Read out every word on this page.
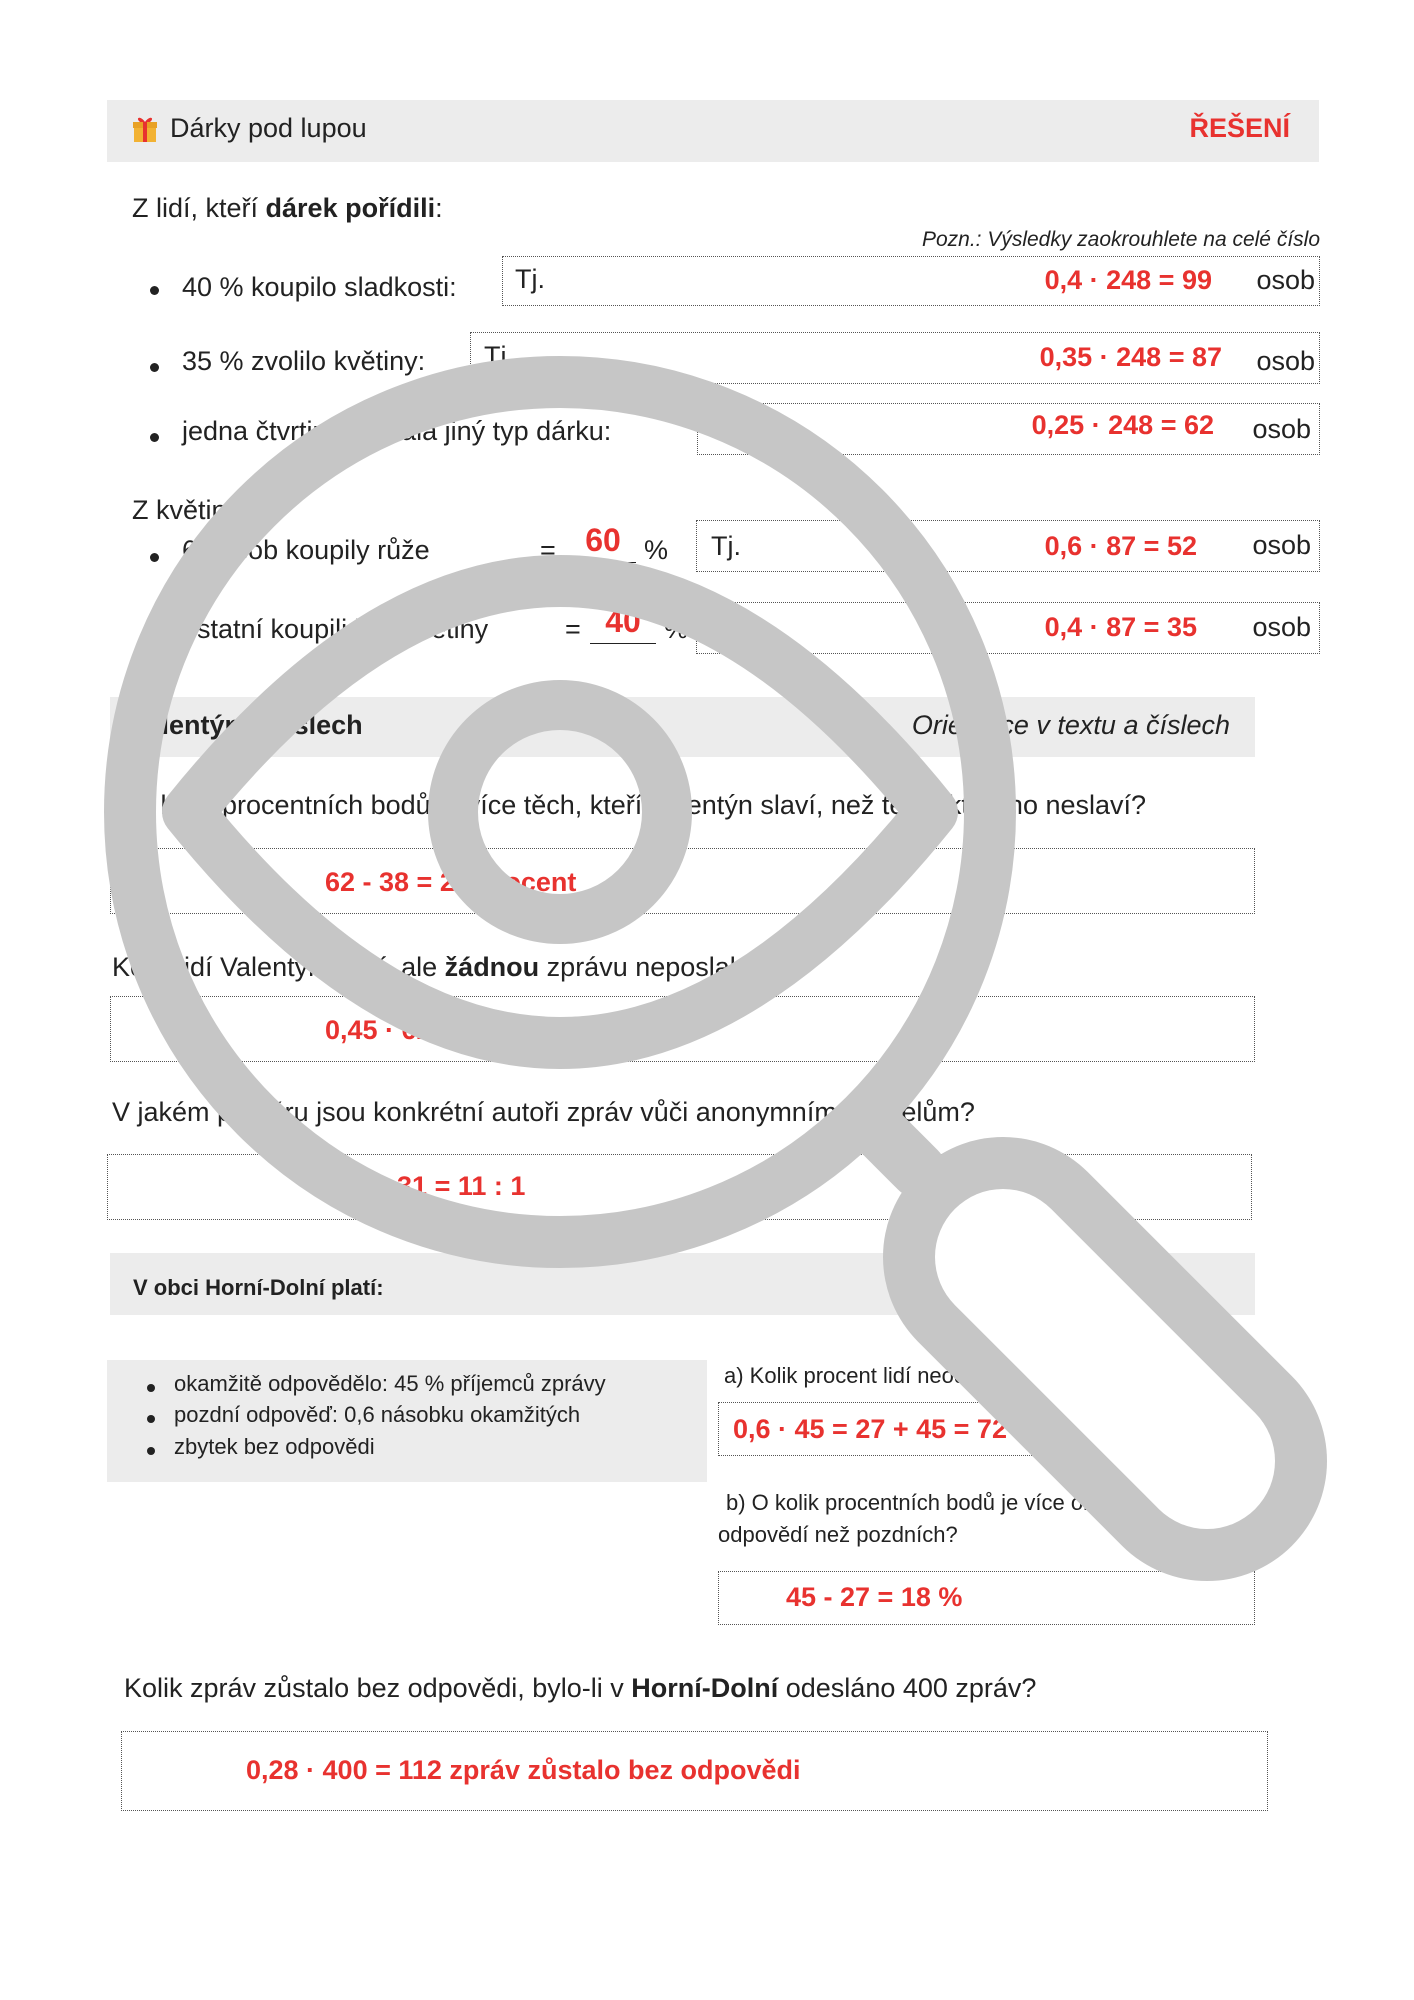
Dárky pod lupou	ŘEŠENÍ
Z lidí, kteří dárek pořídili:
Pozn.: Výsledky zaokrouhlete na celé číslo
40 % koupilo sladkosti: Tj.	0,4 · 248 = 99 osob
35 % zvolilo květiny: Tj.	0,35 · 248 = 87 osob
jedna čtvrtina vybrala jiný typ dárku:	Tj.	0,25 · 248 = 62 osob
Z květin:
60 osob koupily růže	= 60 % Tj.	0,6 · 87 = 52 osob
ostatní koupili jiné květiny	= 40 % Tj.	0,4 · 87 = 35 osob
Valentýn v číslech	Orientace v textu a číslech
O kolik procentních bodů je více těch, kteří Valentýn slaví, než těch, kteří ho neslaví?
62 - 38 = 24 procent
Kolik lidí Valentýn slaví, ale žádnou zprávu neposlalo?
0,45 · 62
V jakém poměru jsou konkrétní autoři zpráv vůči anonymním pisatelům?
341 : 31 = 11 : 1
V obci Horní-Dolní platí:
okamžitě odpovědělo: 45 % příjemců zprávy
pozdní odpověď: 0,6 násobku okamžitých
zbytek bez odpovědi
a) Kolik procent lidí neodpovědělo?
0,6 · 45 = 27 + 45 = 72 % tzn. 28 %
b) O kolik procentních bodů je více okamžitých
odpovědí než pozdních?
45 - 27 = 18 %
Kolik zpráv zůstalo bez odpovědi, bylo-li v Horní-Dolní odesláno 400 zpráv?
0,28 · 400 = 112 zpráv zůstalo bez odpovědi
